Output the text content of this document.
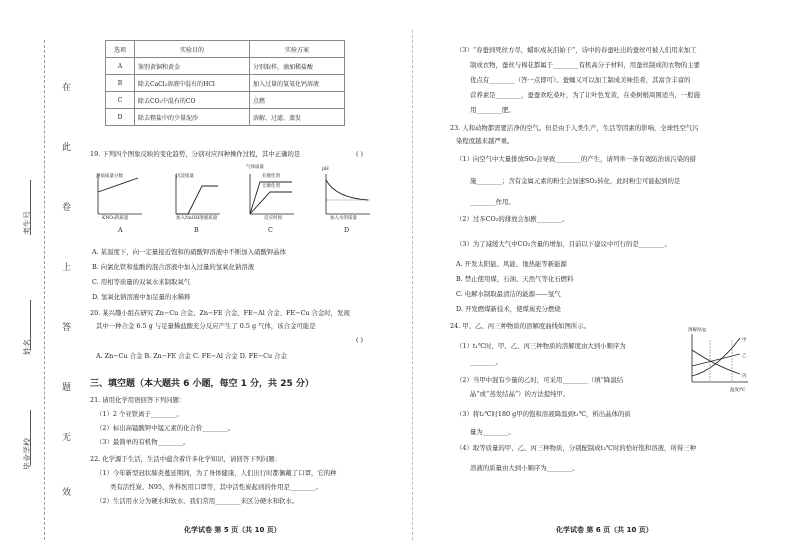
在
此
卷
上
答
题
无
效
考生号
姓名
毕业学校
选项	实验目的	实验方案
A	鉴别黄铜和黄金	分别取样，滴加稀盐酸
B	除去CaCl₂溶液中混有的HCl	加入过量的氢氧化钙溶液
C	除去CO₂中混有的CO	点燃
D	除去粗盐中的少量泥沙	溶解、过滤、蒸发
19. 下列四个图象反映的变化趋势，分别对应四种操作过程，其中正确的是	( )
溶质质量分数	沉淀质量	有催化剂
无催化剂
气体质量	pH
KNO₃的质量	加入NaOH溶液质量	反应时间	加入水的质量
A	B	C	D
A. 某温度下，向一定量接近饱和的硝酸钾溶液中不断加入硝酸钾晶体
B. 向氯化铁和盐酸的混合溶液中加入过量的氢氧化钠溶液
C. 用相等质量的双氧水来制取氧气
D. 氢氧化钠溶液中加足量的水稀释
20. 某兴趣小组在研究 Zn−Cu 合金、Zn−FE 合金、FE−Al 合金、FE−Cu 合金时，发现
其中一种合金 6.5 g 与足量稀盐酸充分反应产生了 0.5 g 气体，该合金可能是
( )
A. Zn−Cu 合金 B. Zn−FE 合金 C. FE−Al 合金 D. FE−Cu 合金
三、填空题（本大题共 6 小题，每空 1 分，共 25 分）
21. 请用化学用语回答下列问题：
（1）2 个亚铁离子________。
（2）标出高锰酸钾中锰元素的化合价________。
（3）最简单的有机物________。
22. 化学源于生活，生活中蕴含着许多化学知识，请回答下列问题：
（1）今年新型冠状肺炎蔓延期间，为了身体健康，人们出行时都佩戴了口罩，它的种
类有活性炭、N95、外科医用口罩等，其中活性炭起到的作用是________。
（2）生活用水分为硬水和软水，我们常用________来区分硬水和软水。
化学试卷 第 5 页（共 10 页）
（3）“春蚕到死丝方尽，蜡炬成灰泪始干”，诗中的春蚕吐出的蚕丝可被人们用来加工
制成衣物，蚕丝与棉花都属于________有机高分子材料，用蚕丝制成的衣物的主要
优点有________（答一点即可）。蚕蛹又可以加工制成美味佳肴，其富含丰富的
营养素是________，蚕蚕欢吃桑叶，为了让叶色发黄，在桑树根周围适当，一般施
用________肥。
23. 人和动物都需要洁净的空气。但是由于人类生产，生活等因素的影响，全球性空气污
染程度越来越严重。
（1）向空气中大量排放SO₂会导致________的产生，请列举一条有效防治该污染的措
施________；含有金属元素的粉尘会加速SO₂转化，此时粉尘可能起到的是
________作用。
（2）过多CO₂的排放会加剧________。
（3）为了减缓大气中CO₂含量的增加，目前以下建议中可行的是________。
A. 开发太阳能、风能、地热能等新能源
B. 禁止使用煤、石油、天然气等化石燃料
C. 电解水制取最清洁的能源——氢气
D. 开发燃煤新技术，使煤炭充分燃烧
24. 甲、乙、丙三种物质的溶解度曲线如图所示。
（1）t₁℃时，甲、乙、丙三种物质的溶解度由大到小顺序为
________。
（2）当甲中混有少量的乙时，可采用________（填“降温结
晶”或“蒸发结晶”）的方法提纯甲。
（3）将t₂℃时180 g甲的饱和溶液降温到t₁℃，析出晶体的质
量为________。
（4）取等质量的甲、乙、丙三种物质，分别配制成t₂℃时的恰好饱和溶液，所得三种
溶液的质量由大到小顺序为________。
溶解度/g
甲
乙
丙
温度/℃
化学试卷 第 6 页（共 10 页）
